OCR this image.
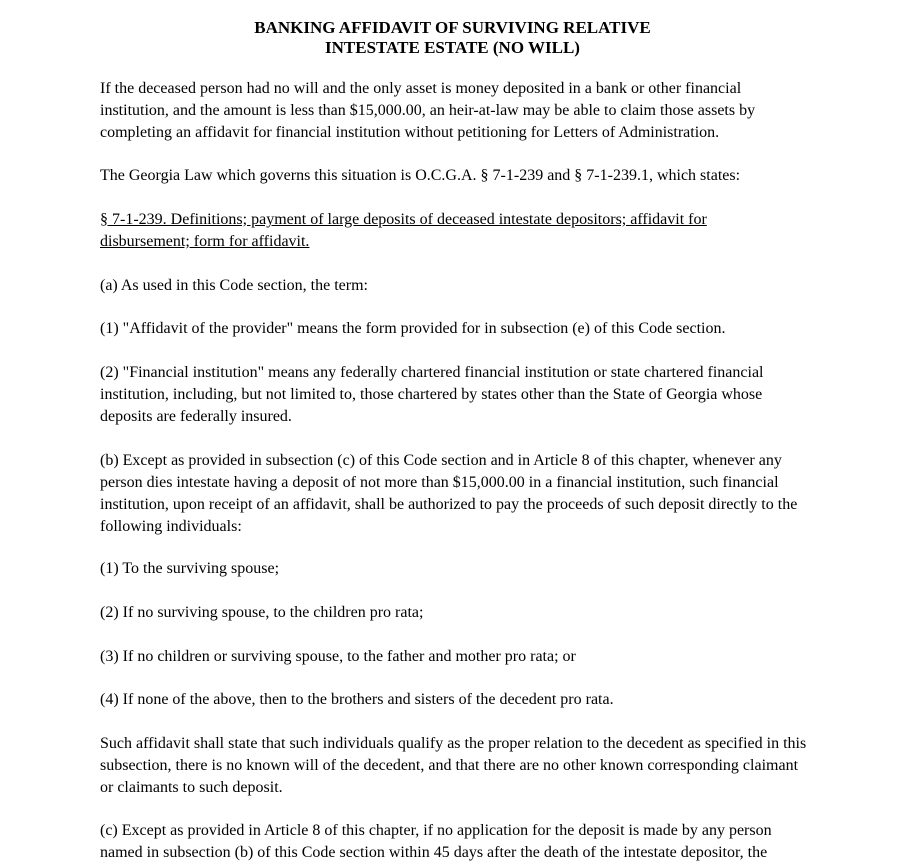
BANKING AFFIDAVIT OF SURVIVING RELATIVE
INTESTATE ESTATE (NO WILL)

If the deceased person had no will and the only asset is money deposited in a bank or other financial institution, and the amount is less than $15,000.00, an heir-at-law may be able to claim those assets by completing an affidavit for financial institution without petitioning for Letters of Administration.

The Georgia Law which governs this situation is O.C.G.A. § 7-1-239 and § 7-1-239.1, which states:

§ 7-1-239. Definitions; payment of large deposits of deceased intestate depositors; affidavit for disbursement; form for affidavit.

(a) As used in this Code section, the term:

(1) "Affidavit of the provider" means the form provided for in subsection (e) of this Code section.

(2) "Financial institution" means any federally chartered financial institution or state chartered financial institution, including, but not limited to, those chartered by states other than the State of Georgia whose deposits are federally insured.

(b) Except as provided in subsection (c) of this Code section and in Article 8 of this chapter, whenever any person dies intestate having a deposit of not more than $15,000.00 in a financial institution, such financial institution, upon receipt of an affidavit, shall be authorized to pay the proceeds of such deposit directly to the following individuals:

(1) To the surviving spouse;

(2) If no surviving spouse, to the children pro rata;

(3) If no children or surviving spouse, to the father and mother pro rata; or

(4) If none of the above, then to the brothers and sisters of the decedent pro rata.

Such affidavit shall state that such individuals qualify as the proper relation to the decedent as specified in this subsection, there is no known will of the decedent, and that there are no other known corresponding claimant or claimants to such deposit.

(c) Except as provided in Article 8 of this chapter, if no application for the deposit is made by any person named in subsection (b) of this Code section within 45 days after the death of the intestate depositor, the
